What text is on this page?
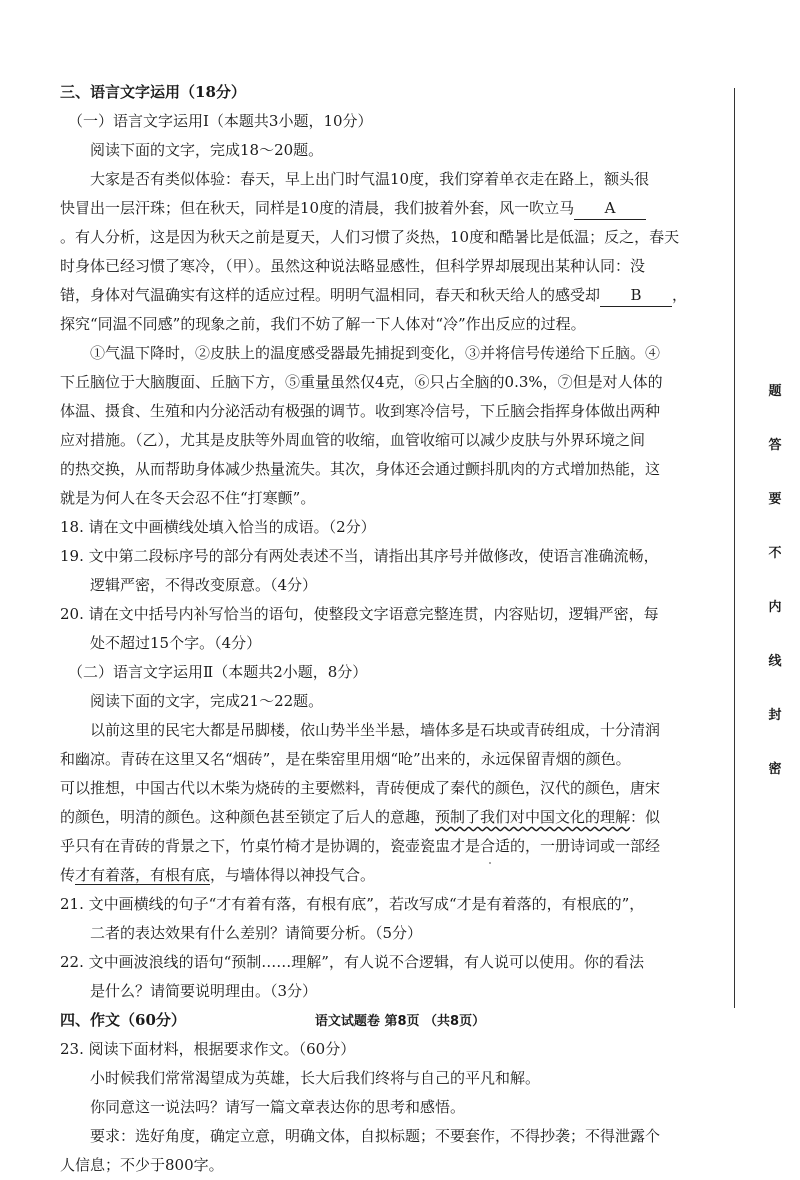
三、语言文字运用（18分）
（一）语言文字运用Ⅰ（本题共3小题，10分）
阅读下面的文字，完成18～20题。
大家是否有类似体验：春天，早上出门时气温10度，我们穿着单衣走在路上，额头很
快冒出一层汗珠；但在秋天，同样是10度的清晨，我们披着外套，风一吹立马 A
。有人分析，这是因为秋天之前是夏天，人们习惯了炎热，10度和酷暑比是低温；反之，春天
时身体已经习惯了寒冷，（甲）。虽然这种说法略显感性，但科学界却展现出某种认同：没
错，身体对气温确实有这样的适应过程。明明气温相同，春天和秋天给人的感受却 B ，
探究“同温不同感”的现象之前，我们不妨了解一下人体对“冷”作出反应的过程。
①气温下降时，②皮肤上的温度感受器最先捕捉到变化，③并将信号传递给下丘脑。④
下丘脑位于大脑腹面、丘脑下方，⑤重量虽然仅4克，⑥只占全脑的0.3%，⑦但是对人体的
体温、摄食、生殖和内分泌活动有极强的调节。收到寒冷信号，下丘脑会指挥身体做出两种
应对措施。（乙），尤其是皮肤等外周血管的收缩，血管收缩可以减少皮肤与外界环境之间
的热交换，从而帮助身体减少热量流失。其次，身体还会通过颤抖肌肉的方式增加热能，这
就是为何人在冬天会忍不住“打寒颤”。
18. 请在文中画横线处填入恰当的成语。（2分）
19. 文中第二段标序号的部分有两处表述不当，请指出其序号并做修改，使语言准确流畅，
逻辑严密，不得改变原意。（4分）
20. 请在文中括号内补写恰当的语句，使整段文字语意完整连贯，内容贴切，逻辑严密，每
处不超过15个字。（4分）
（二）语言文字运用Ⅱ（本题共2小题，8分）
阅读下面的文字，完成21～22题。
以前这里的民宅大都是吊脚楼，依山势半坐半悬，墙体多是石块或青砖组成，十分清润
和幽凉。青砖在这里又名“烟砖”，是在柴窑里用烟“呛”出来的，永远保留青烟的颜色。
可以推想，中国古代以木柴为烧砖的主要燃料，青砖便成了秦代的颜色，汉代的颜色，唐宋
的颜色，明清的颜色。这种颜色甚至锁定了后人的意趣，预制了我们对中国文化的理解：似
乎只有在青砖的背景之下，竹桌竹椅才是协调的，瓷壶瓷盅才是合适的，一册诗词或一部经
传才有着落，有根有底，与墙体得以神投气合。
21. 文中画横线的句子“才有着有落，有根有底”，若改写成“才是有着落的，有根底的”，
二者的表达效果有什么差别？请简要分析。（5分）
22. 文中画波浪线的语句“预制……理解”，有人说不合逻辑，有人说可以使用。你的看法
是什么？请简要说明理由。（3分）
四、作文（60分）
23. 阅读下面材料，根据要求作文。（60分）
小时候我们常常渴望成为英雄，长大后我们终将与自己的平凡和解。
你同意这一说法吗？请写一篇文章表达你的思考和感悟。
要求：选好角度，确定立意，明确文体，自拟标题；不要套作，不得抄袭；不得泄露个
人信息；不少于800字。
语文试题卷 第8页 （共8页）
题
答
要
不
内
线
封
密
